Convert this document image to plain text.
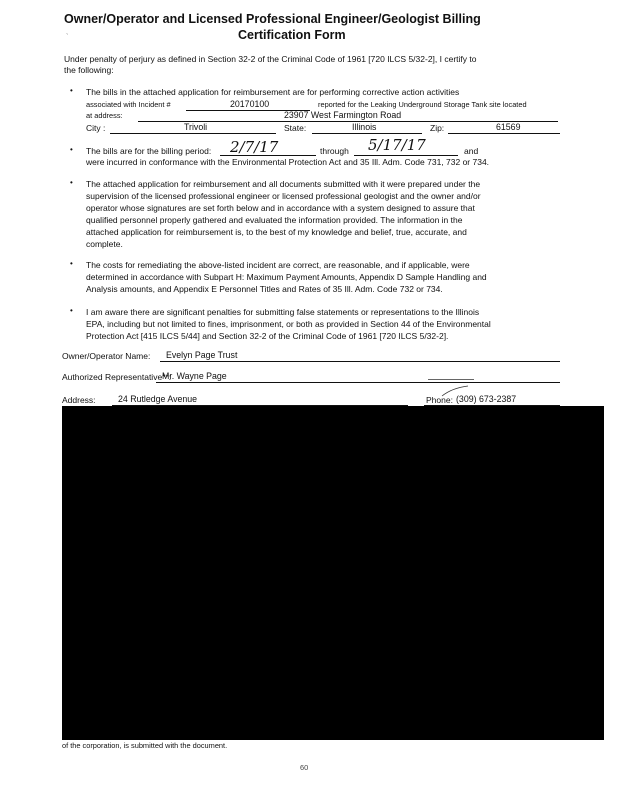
Owner/Operator and Licensed Professional Engineer/Geologist Billing
Certification Form
`
Under penalty of perjury as defined in Section 32-2 of the Criminal Code of 1961 [720 ILCS 5/32-2], I certify to
the following:
• The bills in the attached application for reimbursement are for performing corrective action activities
associated with Incident #	20170100	reported for the Leaking Underground Storage Tank site located
at address:	23907 West Farmington Road
City :	Trivoli	State:	Illinois	Zip:	61569
• The bills are for the billing period: 2/7/17	through 5/17/17	and
were incurred in conformance with the Environmental Protection Act and 35 Ill. Adm. Code 731, 732 or 734.
• The attached application for reimbursement and all documents submitted with it were prepared under the
supervision of the licensed professional engineer or licensed professional geologist and the owner and/or
operator whose signatures are set forth below and in accordance with a system designed to assure that
qualified personnel properly gathered and evaluated the information provided. The information in the
attached application for reimbursement is, to the best of my knowledge and belief, true, accurate, and
complete.
• The costs for remediating the above-listed incident are correct, are reasonable, and if applicable, were
determined in accordance with Subpart H: Maximum Payment Amounts, Appendix D Sample Handling and
Analysis amounts, and Appendix E Personnel Titles and Rates of 35 Ill. Adm. Code 732 or 734.
• I am aware there are significant penalties for submitting false statements or representations to the Illinois
EPA, including but not limited to fines, imprisonment, or both as provided in Section 44 of the Environmental
Protection Act [415 ILCS 5/44] and Section 32-2 of the Criminal Code of 1961 [720 ILCS 5/32-2].
Owner/Operator Name: Evelyn Page Trust
Authorized Representative**:
Mr. Wayne Page
Address:	24 Rutledge Avenue	Phone: (309) 673-2387
of the corporation, is submitted with the document.
60
